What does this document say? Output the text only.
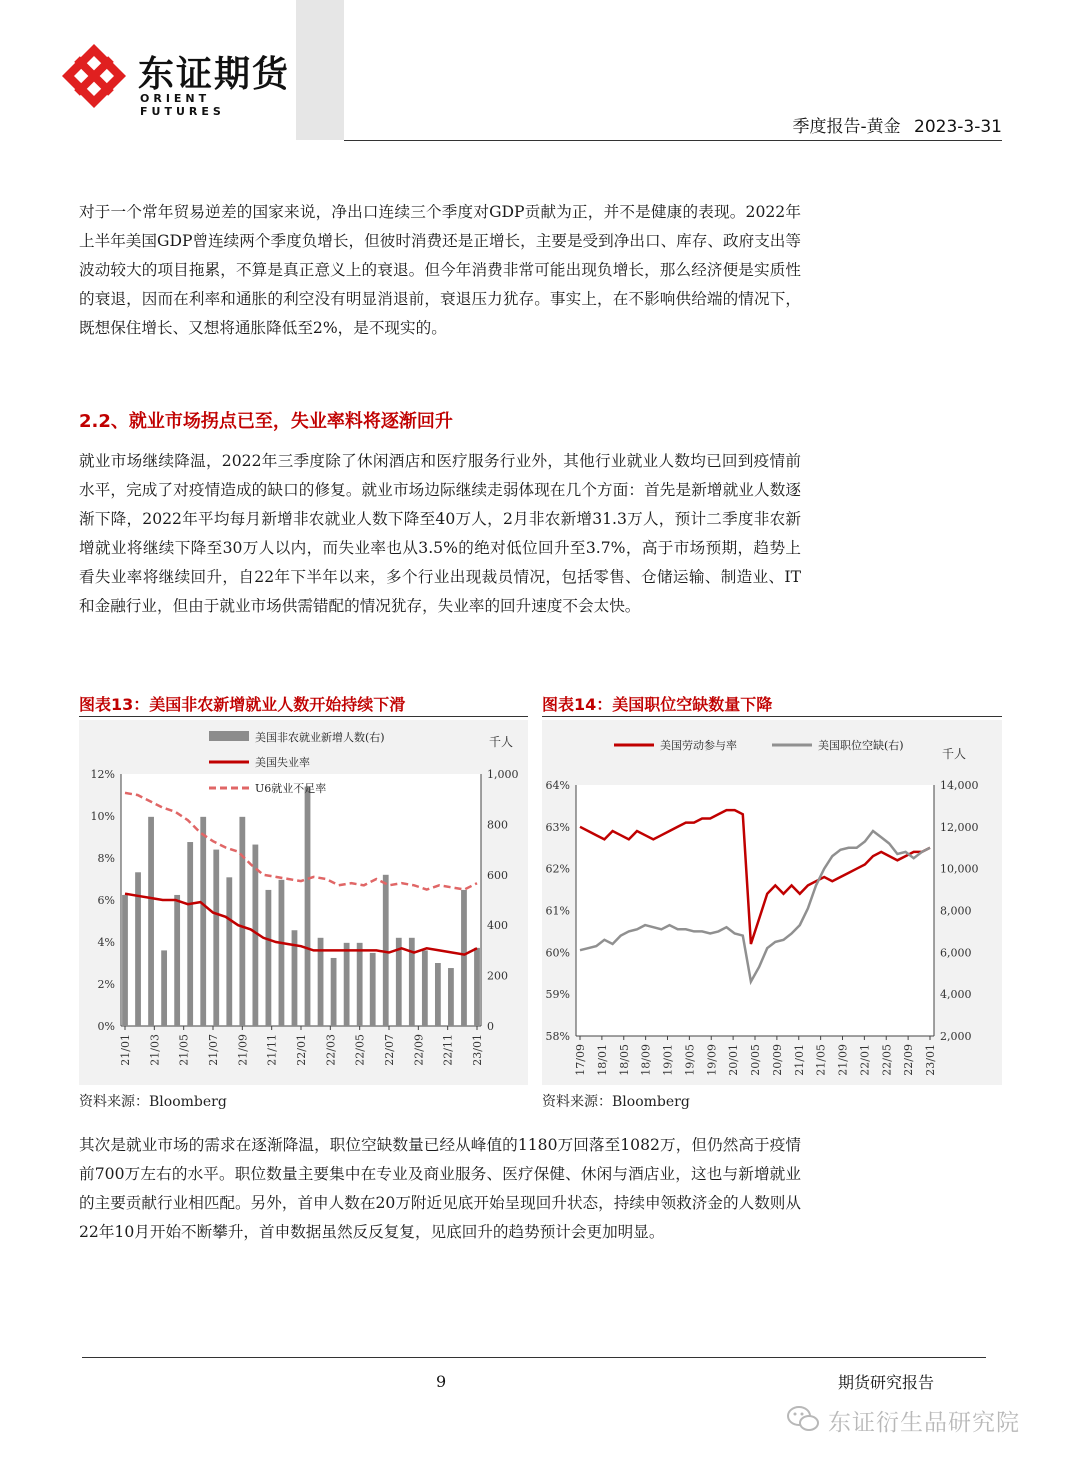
东证期货
ORIENT FUTURES
季度报告-黄金 2023-3-31

对于一个常年贸易逆差的国家来说，净出口连续三个季度对GDP贡献为正，并不是健康的表现。2022年上半年美国GDP曾连续两个季度负增长，但彼时消费还是正增长，主要是受到净出口、库存、政府支出等波动较大的项目拖累，不算是真正意义上的衰退。但今年消费非常可能出现负增长，那么经济便是实质性的衰退，因而在利率和通胀的利空没有明显消退前，衰退压力犹存。事实上，在不影响供给端的情况下，既想保住增长、又想将通胀降低至2%，是不现实的。

2.2、就业市场拐点已至，失业率料将逐渐回升

就业市场继续降温，2022年三季度除了休闲酒店和医疗服务行业外，其他行业就业人数均已回到疫情前水平，完成了对疫情造成的缺口的修复。就业市场边际继续走弱体现在几个方面：首先是新增就业人数逐渐下降，2022年平均每月新增非农就业人数下降至40万人，2月非农新增31.3万人，预计二季度非农新增就业将继续下降至30万人以内，而失业率也从3.5%的绝对低位回升至3.7%，高于市场预期，趋势上看失业率将继续回升，自22年下半年以来，多个行业出现裁员情况，包括零售、仓储运输、制造业、IT和金融行业，但由于就业市场供需错配的情况犹存，失业率的回升速度不会太快。

图表13：美国非农新增就业人数开始持续下滑	图表14：美国职位空缺数量下降
12%
10%
8%
6%
4%
2%
0%
1,000
800
600
400
200
0
千人
21/01 21/03 21/05 21/07 21/09 21/11 22/01 22/03 22/05 22/07 22/09 22/11 23/01
美国非农就业新增人数(右)
美国失业率
U6就业不足率	64%
63%
62%
61%
60%
59%
58%
14,000
12,000
10,000
8,000
6,000
4,000
2,000
千人
17/09 18/01 18/05 18/09 19/01 19/05 19/09 20/01 20/05 20/09 21/01 21/05 21/09 22/01 22/05 22/09 23/01
美国劳动参与率	美国职位空缺(右)
资料来源：Bloomberg	资料来源：Bloomberg

其次是就业市场的需求在逐渐降温，职位空缺数量已经从峰值的1180万回落至1082万，但仍然高于疫情前700万左右的水平。职位数量主要集中在专业及商业服务、医疗保健、休闲与酒店业，这也与新增就业的主要贡献行业相匹配。另外，首申人数在20万附近见底开始呈现回升状态，持续申领救济金的人数则从22年10月开始不断攀升，首申数据虽然反反复复，见底回升的趋势预计会更加明显。

9	期货研究报告
东证衍生品研究院
